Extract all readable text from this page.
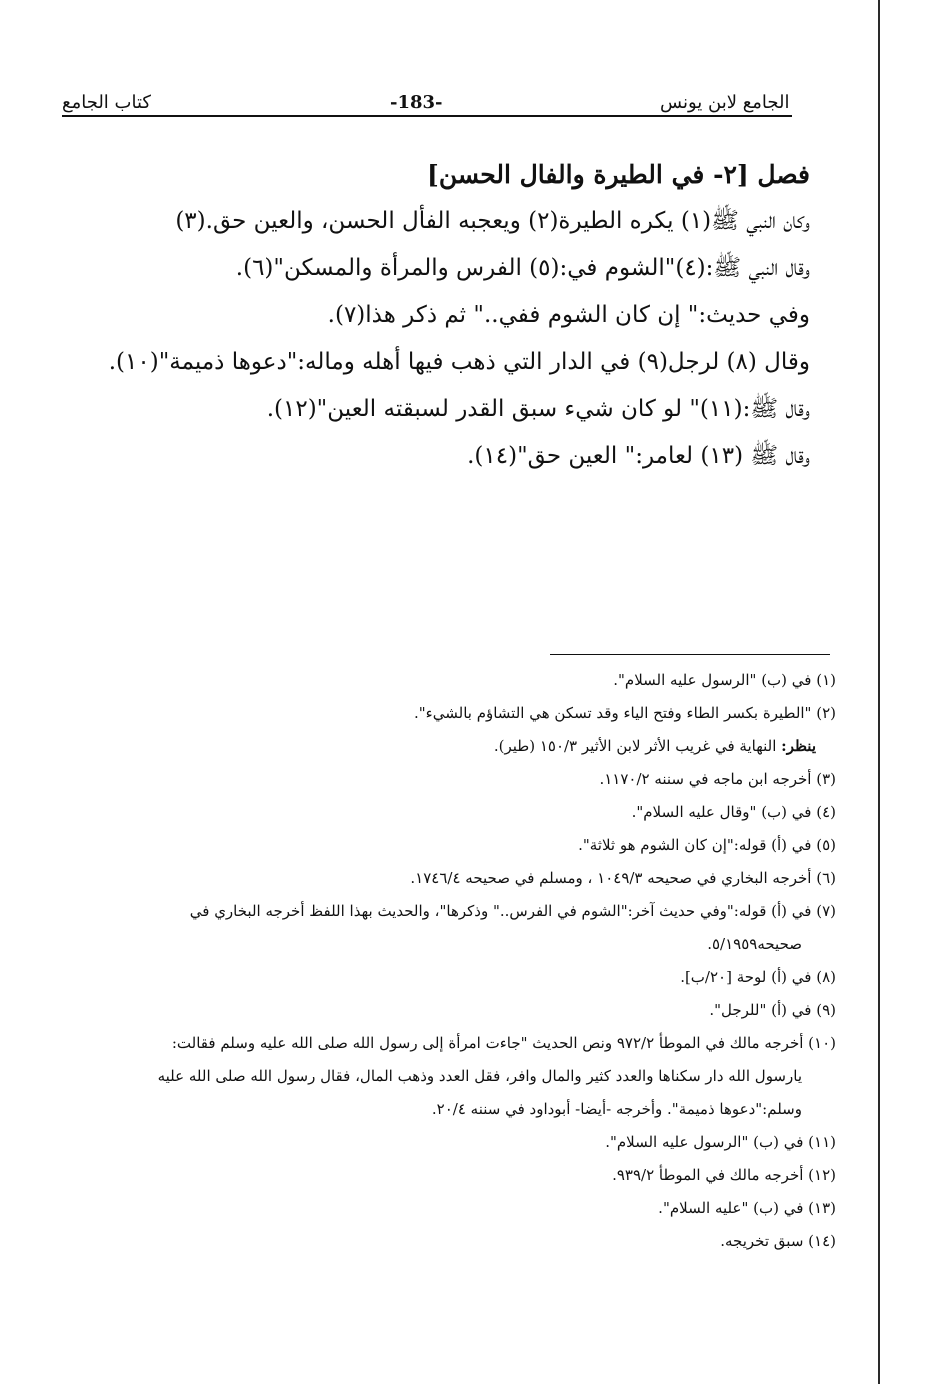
الجامع لابن يونس
-183-
كتاب الجامع

فصل [٢- في الطيرة والفال الحسن]

وكان النبي ﷺ(١) يكره الطيرة(٢) ويعجبه الفأل الحسن، والعين حق.(٣)

وقال النبي ﷺ:(٤)"الشوم في:(٥) الفرس والمرأة والمسكن"(٦).

وفي حديث:" إن كان الشوم ففي.." ثم ذكر هذا(٧).

وقال (٨) لرجل(٩) في الدار التي ذهب فيها أهله وماله:"دعوها ذميمة"(١٠).

وقال ﷺ:(١١)" لو كان شيء سبق القدر لسبقته العين"(١٢).

وقال ﷺ (١٣) لعامر:" العين حق"(١٤).

(١) في (ب) "الرسول عليه السلام".

(٢) "الطيرة بكسر الطاء وفتح الياء وقد تسكن هي التشاؤم بالشيء".

ينظر: النهاية في غريب الأثر لابن الأثير ١٥٠/٣ (طير).

(٣) أخرجه ابن ماجه في سننه ١١٧٠/٢.

(٤) في (ب) "وقال عليه السلام".

(٥) في (أ) قوله:"إن كان الشوم هو ثلاثة".

(٦) أخرجه البخاري في صحيحه ١٠٤٩/٣ ، ومسلم في صحيحه ١٧٤٦/٤.

(٧) في (أ) قوله:"وفي حديث آخر:"الشوم في الفرس.." وذكرها"، والحديث بهذا اللفظ أخرجه البخاري في

صحيحه٥/١٩٥٩.

(٨) في (أ) لوحة [٢٠/ب].

(٩) في (أ) "للرجل".

(١٠) أخرجه مالك في الموطأ ٩٧٢/٢ ونص الحديث "جاءت امرأة إلى رسول الله صلى الله عليه وسلم فقالت:

يارسول الله دار سكناها والعدد كثير والمال وافر، فقل العدد وذهب المال، فقال رسول الله صلى الله عليه

وسلم:"دعوها ذميمة". وأخرجه -أيضا- أبوداود في سننه ٢٠/٤.

(١١) في (ب) "الرسول عليه السلام".

(١٢) أخرجه مالك في الموطأ ٩٣٩/٢.

(١٣) في (ب) "عليه السلام".

(١٤) سبق تخريجه.
